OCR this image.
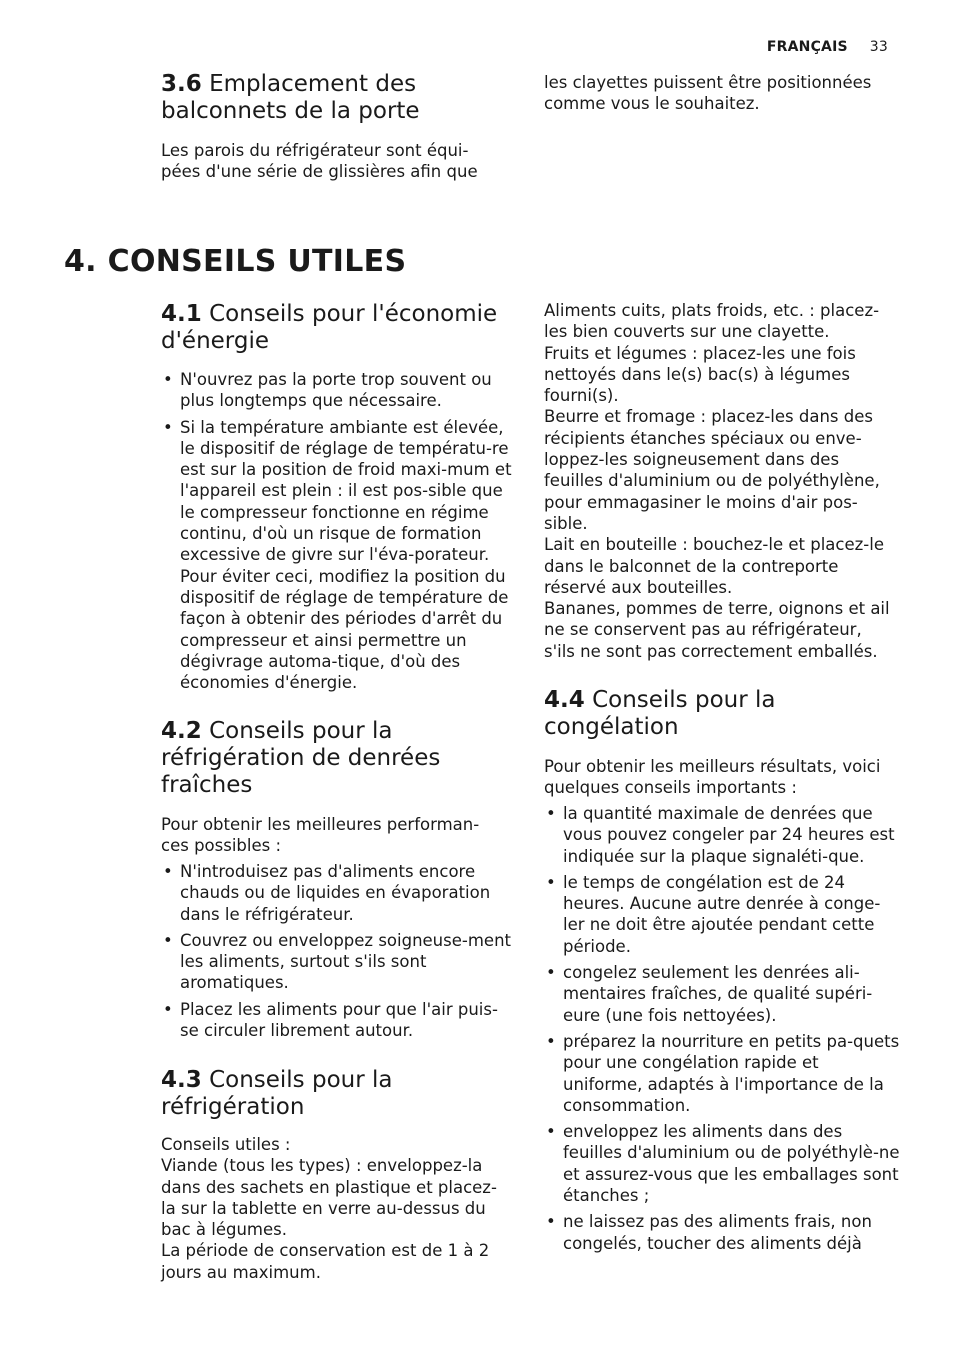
FRANÇAIS 33
3.6 Emplacement des balconnets de la porte

Les parois du réfrigérateur sont équi-pées d'une série de glissières afin que

les clayettes puissent être positionnées comme vous le souhaitez.

4. CONSEILS UTILES
4.1 Conseils pour l'économie d'énergie
• N'ouvrez pas la porte trop souvent ou plus longtemps que nécessaire.
• Si la température ambiante est élevée, le dispositif de réglage de températu-re est sur la position de froid maxi-mum et l'appareil est plein : il est pos-sible que le compresseur fonctionne en régime continu, d'où un risque de formation excessive de givre sur l'éva-porateur. Pour éviter ceci, modifiez la position du dispositif de réglage de température de façon à obtenir des périodes d'arrêt du compresseur et ainsi permettre un dégivrage automa-tique, d'où des économies d'énergie.
4.2 Conseils pour la réfrigération de denrées fraîches

Pour obtenir les meilleures performan-ces possibles :

• N'introduisez pas d'aliments encore chauds ou de liquides en évaporation dans le réfrigérateur.
• Couvrez ou enveloppez soigneuse-ment les aliments, surtout s'ils sont aromatiques.
• Placez les aliments pour que l'air puis-se circuler librement autour.
4.3 Conseils pour la réfrigération

Conseils utiles :

Viande (tous les types) : enveloppez-la dans des sachets en plastique et placez-la sur la tablette en verre au-dessus du bac à légumes.

La période de conservation est de 1 à 2 jours au maximum.

Aliments cuits, plats froids, etc. : placez-les bien couverts sur une clayette.

Fruits et légumes : placez-les une fois nettoyés dans le(s) bac(s) à légumes fourni(s).

Beurre et fromage : placez-les dans des récipients étanches spéciaux ou enve-loppez-les soigneusement dans des feuilles d'aluminium ou de polyéthylène, pour emmagasiner le moins d'air pos-sible.

Lait en bouteille : bouchez-le et placez-le dans le balconnet de la contreporte réservé aux bouteilles.

Bananes, pommes de terre, oignons et ail ne se conservent pas au réfrigérateur, s'ils ne sont pas correctement emballés.

4.4 Conseils pour la congélation

Pour obtenir les meilleurs résultats, voici quelques conseils importants :

• la quantité maximale de denrées que vous pouvez congeler par 24 heures est indiquée sur la plaque signaléti-que.
• le temps de congélation est de 24 heures. Aucune autre denrée à conge-ler ne doit être ajoutée pendant cette période.
• congelez seulement les denrées ali-mentaires fraîches, de qualité supéri-eure (une fois nettoyées).
• préparez la nourriture en petits pa-quets pour une congélation rapide et uniforme, adaptés à l'importance de la consommation.
• enveloppez les aliments dans des feuilles d'aluminium ou de polyéthylè-ne et assurez-vous que les emballages sont étanches ;
• ne laissez pas des aliments frais, non congelés, toucher des aliments déjà
